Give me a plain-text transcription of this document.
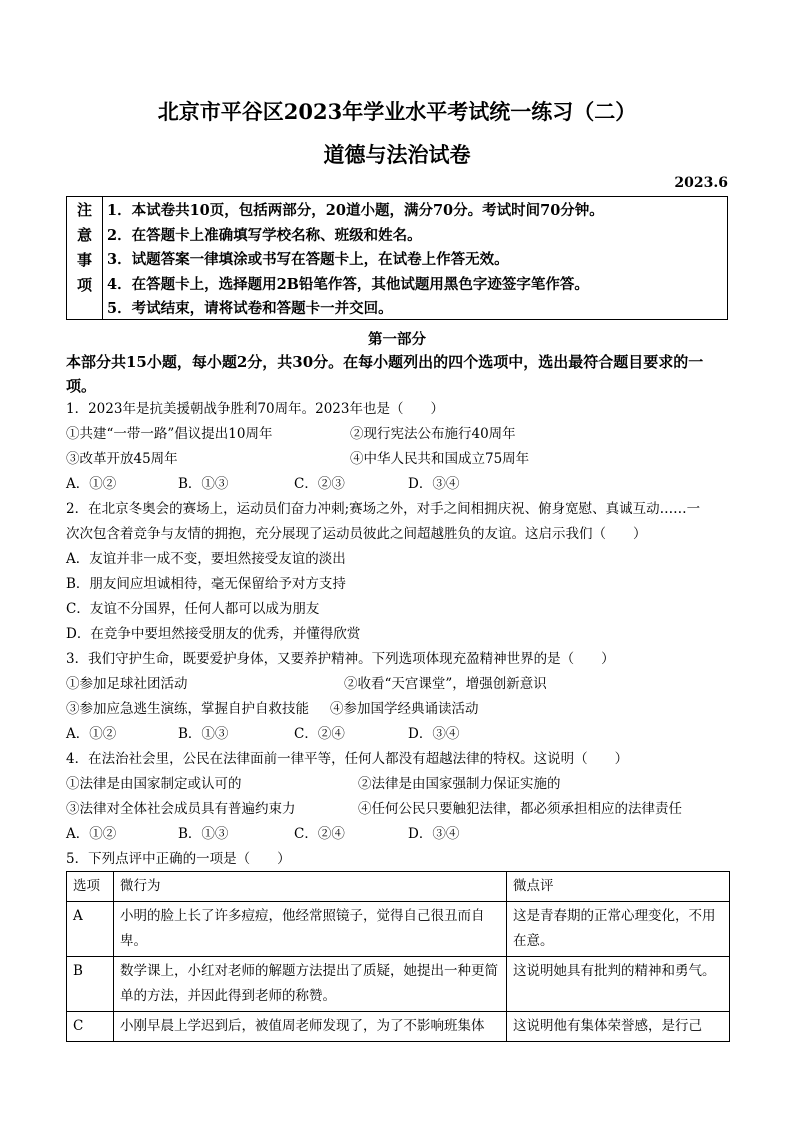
北京市平谷区2023年学业水平考试统一练习（二）
道德与法治试卷
2023.6
注
意
事
项
1．本试卷共10页，包括两部分，20道小题，满分70分。考试时间70分钟。
2．在答题卡上准确填写学校名称、班级和姓名。
3．试题答案一律填涂或书写在答题卡上，在试卷上作答无效。
4．在答题卡上，选择题用2B铅笔作答，其他试题用黑色字迹签字笔作答。
5．考试结束，请将试卷和答题卡一并交回。
第一部分
本部分共15小题，每小题2分，共30分。在每小题列出的四个选项中，选出最符合题目要求的一项。
1．2023年是抗美援朝战争胜利70周年。2023年也是（　　）
①共建“一带一路”倡议提出10周年	②现行宪法公布施行40周年
③改革开放45周年	④中华人民共和国成立75周年
A．①②	B．①③	C．②③	D．③④
2．在北京冬奥会的赛场上，运动员们奋力冲刺;赛场之外，对手之间相拥庆祝、俯身宽慰、真诚互动……一
次次包含着竞争与友情的拥抱，充分展现了运动员彼此之间超越胜负的友谊。这启示我们（　　）
A．友谊并非一成不变，要坦然接受友谊的淡出
B．朋友间应坦诚相待，毫无保留给予对方支持
C．友谊不分国界，任何人都可以成为朋友
D．在竞争中要坦然接受朋友的优秀，并懂得欣赏
3．我们守护生命，既要爱护身体，又要养护精神。下列选项体现充盈精神世界的是（　　）
①参加足球社团活动	②收看“天宫课堂”，增强创新意识
③参加应急逃生演练，掌握自护自救技能 ④参加国学经典诵读活动
A．①②	B．①③	C．②④	D．③④
4．在法治社会里，公民在法律面前一律平等，任何人都没有超越法律的特权。这说明（　　）
①法律是由国家制定或认可的	②法律是由国家强制力保证实施的
③法律对全体社会成员具有普遍约束力	④任何公民只要触犯法律，都必须承担相应的法律责任
A．①②	B．①③	C．②④	D．③④
5．下列点评中正确的一项是（　　）
选项	微行为	微点评
A	小明的脸上长了许多痘痘，他经常照镜子，觉得自己很丑而自卑。	这是青春期的正常心理变化，不用在意。
B	数学课上，小红对老师的解题方法提出了质疑，她提出一种更简单的方法，并因此得到老师的称赞。	这说明她具有批判的精神和勇气。
C	小刚早晨上学迟到后，被值周老师发现了，为了不影响班集体	这说明他有集体荣誉感，是行己
